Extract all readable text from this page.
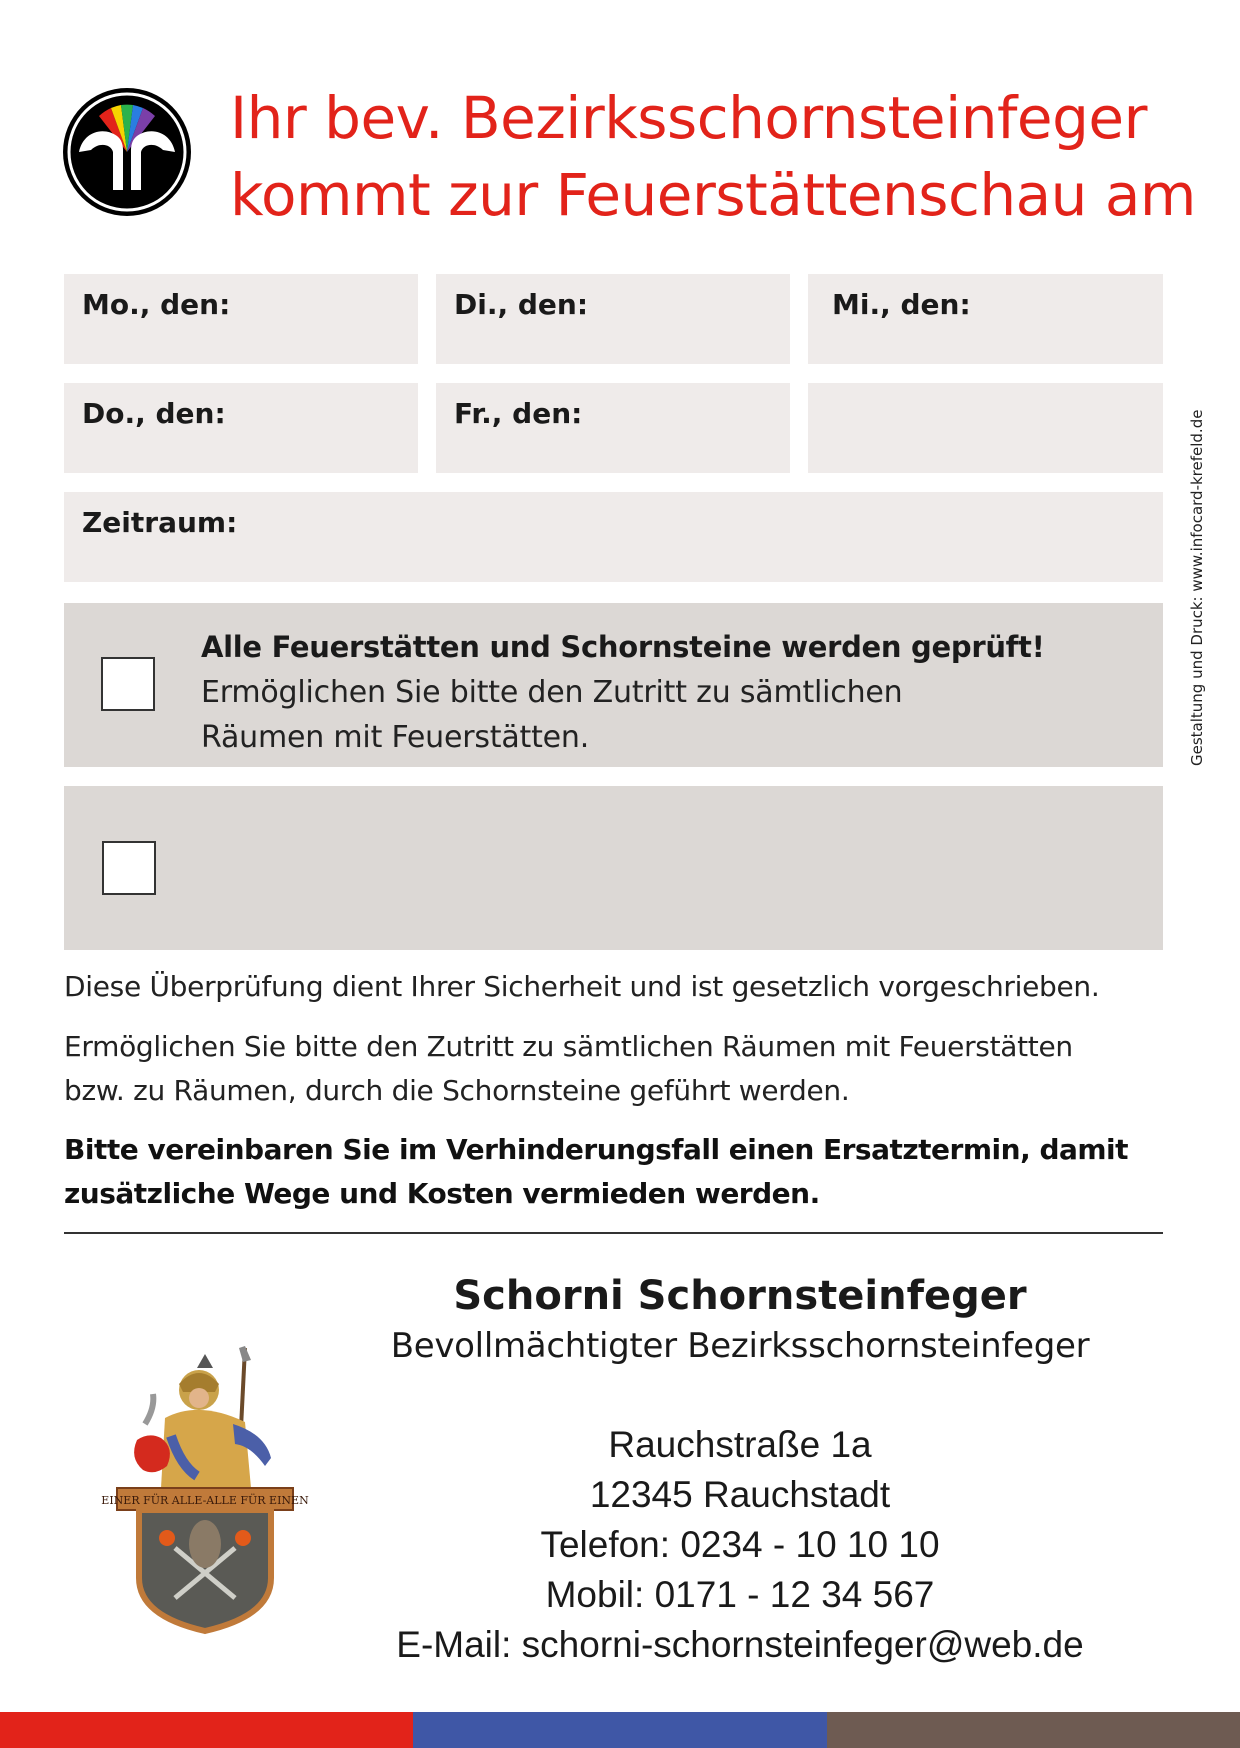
Ihr bev. Bezirksschornsteinfeger
kommt zur Feuerstättenschau am
Mo., den:	Di., den:	Mi., den:
Do., den:	Fr., den:
Zeitraum:
Alle Feuerstätten und Schornsteine werden geprüft!
Ermöglichen Sie bitte den Zutritt zu sämtlichen
Räumen mit Feuerstätten.	Gestaltung und Druck: www.infocard-krefeld.de
Diese Überprüfung dient Ihrer Sicherheit und ist gesetzlich vorgeschrieben.
Ermöglichen Sie bitte den Zutritt zu sämtlichen Räumen mit Feuerstätten
bzw. zu Räumen, durch die Schornsteine geführt werden.
Bitte vereinbaren Sie im Verhinderungsfall einen Ersatztermin, damit
zusätzliche Wege und Kosten vermieden werden.
EINER FÜR ALLE-ALLE FÜR EINEN
Schorni Schornsteinfeger
Bevollmächtigter Bezirksschornsteinfeger
Rauchstraße 1a
12345 Rauchstadt
Telefon: 0234 - 10 10 10
Mobil: 0171 - 12 34 567
E-Mail: schorni-schornsteinfeger@web.de
